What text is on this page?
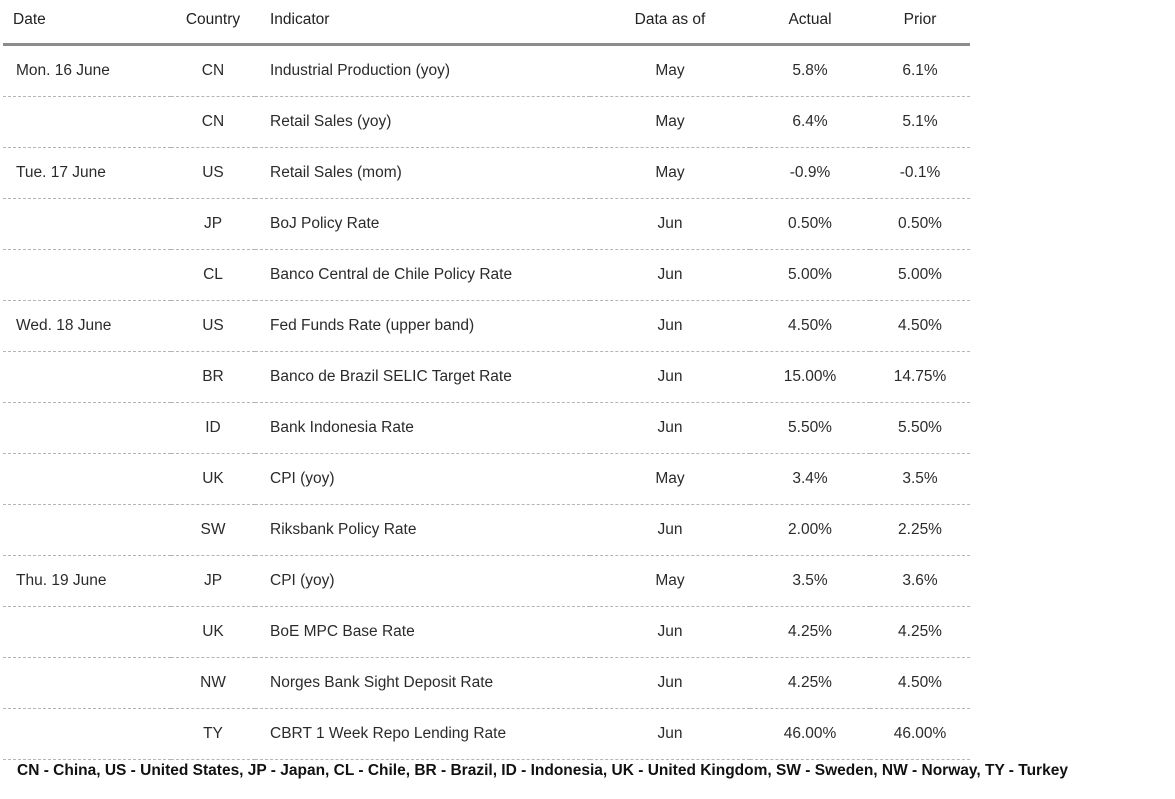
Date	Country	Indicator	Data as of	Actual	Prior
Mon. 16 June	CN	Industrial Production (yoy)	May	5.8%	6.1%
	CN	Retail Sales (yoy)	May	6.4%	5.1%
Tue. 17 June	US	Retail Sales (mom)	May	-0.9%	-0.1%
	JP	BoJ Policy Rate	Jun	0.50%	0.50%
	CL	Banco Central de Chile Policy Rate	Jun	5.00%	5.00%
Wed. 18 June	US	Fed Funds Rate (upper band)	Jun	4.50%	4.50%
	BR	Banco de Brazil SELIC Target Rate	Jun	15.00%	14.75%
	ID	Bank Indonesia Rate	Jun	5.50%	5.50%
	UK	CPI (yoy)	May	3.4%	3.5%
	SW	Riksbank Policy Rate	Jun	2.00%	2.25%
Thu. 19 June	JP	CPI (yoy)	May	3.5%	3.6%
	UK	BoE MPC Base Rate	Jun	4.25%	4.25%
	NW	Norges Bank Sight Deposit Rate	Jun	4.25%	4.50%
	TY	CBRT 1 Week Repo Lending Rate	Jun	46.00%	46.00%
CN - China, US - United States, JP - Japan, CL - Chile, BR - Brazil, ID - Indonesia, UK - United Kingdom, SW - Sweden, NW - Norway, TY - Turkey
